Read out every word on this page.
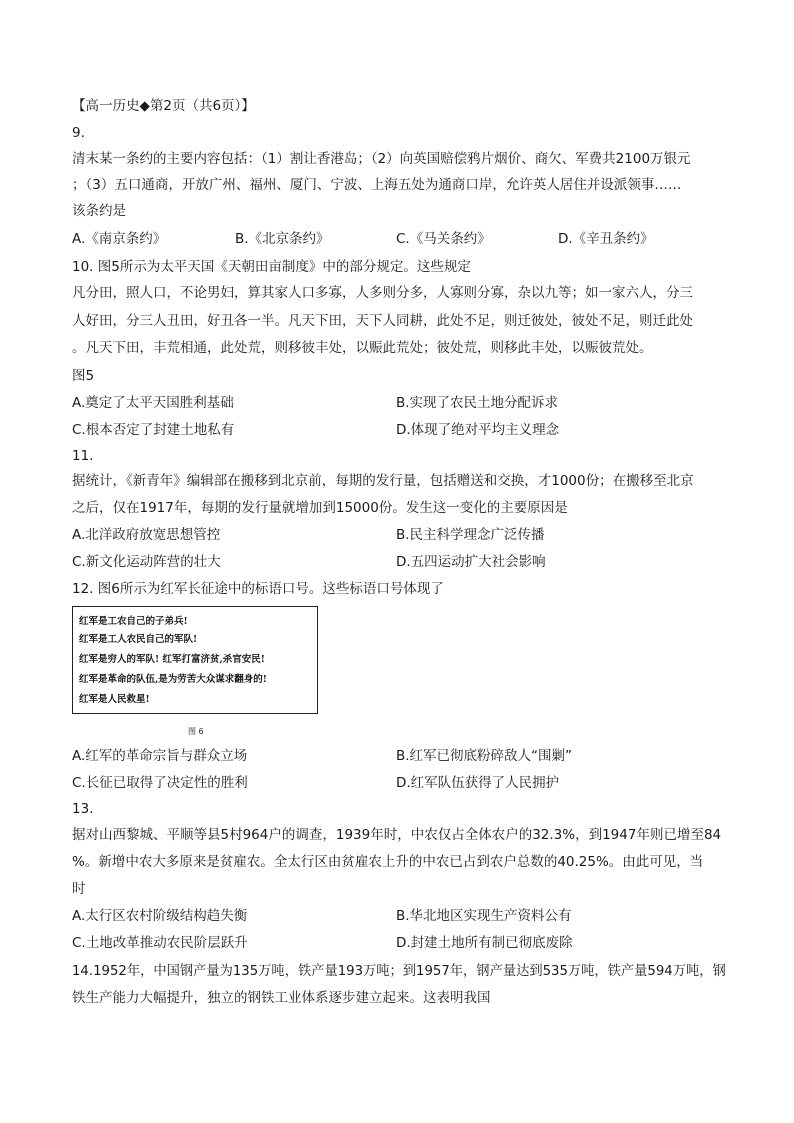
【高一历史◆第2页（共6页）】
9.
清末某一条约的主要内容包括：（1）割让香港岛；（2）向英国赔偿鸦片烟价、商欠、军费共2100万银元
；（3）五口通商，开放广州、福州、厦门、宁波、上海五处为通商口岸，允许英人居住并设派领事……
该条约是
A.《南京条约》	B.《北京条约》	C.《马关条约》	D.《辛丑条约》
10. 图5所示为太平天国《天朝田亩制度》中的部分规定。这些规定
凡分田，照人口，不论男妇，算其家人口多寡，人多则分多，人寡则分寡，杂以九等；如一家六人，分三
人好田，分三人丑田，好丑各一半。凡天下田，天下人同耕，此处不足，则迁彼处，彼处不足，则迁此处
。凡天下田，丰荒相通，此处荒，则移彼丰处，以赈此荒处；彼处荒，则移此丰处，以赈彼荒处。
图5
A.奠定了太平天国胜利基础	B.实现了农民土地分配诉求
C.根本否定了封建土地私有	D.体现了绝对平均主义理念
11.
据统计，《新青年》编辑部在搬移到北京前，每期的发行量，包括赠送和交换，才1000份；在搬移至北京
之后，仅在1917年，每期的发行量就增加到15000份。发生这一变化的主要原因是
A.北洋政府放宽思想管控	B.民主科学理念广泛传播
C.新文化运动阵营的壮大	D.五四运动扩大社会影响
12. 图6所示为红军长征途中的标语口号。这些标语口号体现了
红军是工农自己的子弟兵!
红军是工人农民自己的军队!
红军是穷人的军队! 红军打富济贫,杀官安民!
红军是革命的队伍,是为劳苦大众谋求翻身的!
红军是人民救星!
图 6
A.红军的革命宗旨与群众立场	B.红军已彻底粉碎敌人“围剿”
C.长征已取得了决定性的胜利	D.红军队伍获得了人民拥护
13.
据对山西黎城、平顺等县5村964户的调查，1939年时，中农仅占全体农户的32.3%，到1947年则已增至84
%。新增中农大多原来是贫雇农。全太行区由贫雇农上升的中农已占到农户总数的40.25%。由此可见，当
时
A.太行区农村阶级结构趋失衡	B.华北地区实现生产资料公有
C.土地改革推动农民阶层跃升	D.封建土地所有制已彻底废除
14.1952年，中国钢产量为135万吨，铁产量193万吨；到1957年，钢产量达到535万吨，铁产量594万吨，钢
铁生产能力大幅提升，独立的钢铁工业体系逐步建立起来。这表明我国
